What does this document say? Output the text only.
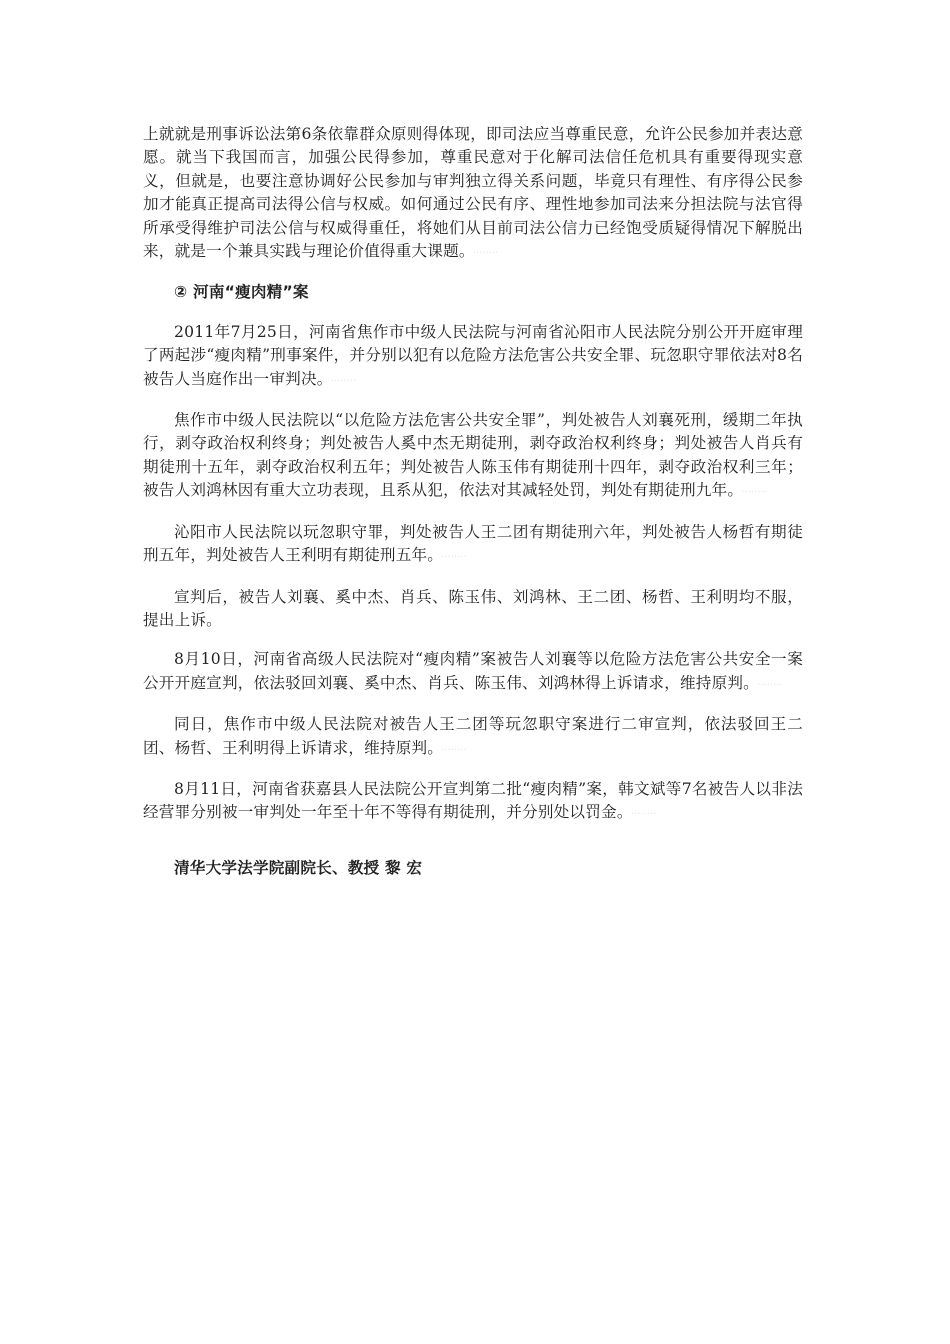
上就就是刑事诉讼法第6条依靠群众原则得体现，即司法应当尊重民意，允许公民参加并表达意愿。就当下我国而言，加强公民得参加，尊重民意对于化解司法信任危机具有重要得现实意义，但就是，也要注意协调好公民参加与审判独立得关系问题，毕竟只有理性、有序得公民参加才能真正提高司法得公信与权威。如何通过公民有序、理性地参加司法来分担法院与法官得所承受得维护司法公信与权威得重任，将她们从目前司法公信力已经饱受质疑得情况下解脱出来，就是一个兼具实践与理论价值得重大课题。 ········

② 河南“瘦肉精”案

2011年7月25日，河南省焦作市中级人民法院与河南省沁阳市人民法院分别公开开庭审理了两起涉“瘦肉精”刑事案件，并分别以犯有以危险方法危害公共安全罪、玩忽职守罪依法对8名被告人当庭作出一审判决。 ········

焦作市中级人民法院以“以危险方法危害公共安全罪”，判处被告人刘襄死刑，缓期二年执行，剥夺政治权利终身；判处被告人奚中杰无期徒刑，剥夺政治权利终身；判处被告人肖兵有期徒刑十五年，剥夺政治权利五年；判处被告人陈玉伟有期徒刑十四年，剥夺政治权利三年；被告人刘鸿林因有重大立功表现，且系从犯，依法对其减轻处罚，判处有期徒刑九年。 ········

沁阳市人民法院以玩忽职守罪，判处被告人王二团有期徒刑六年，判处被告人杨哲有期徒刑五年，判处被告人王利明有期徒刑五年。 ········

宣判后，被告人刘襄、奚中杰、肖兵、陈玉伟、刘鸿林、王二团、杨哲、王利明均不服，提出上诉。

8月10日，河南省高级人民法院对“瘦肉精”案被告人刘襄等以危险方法危害公共安全一案公开开庭宣判，依法驳回刘襄、奚中杰、肖兵、陈玉伟、刘鸿林得上诉请求，维持原判。 ········

同日，焦作市中级人民法院对被告人王二团等玩忽职守案进行二审宣判，依法驳回王二团、杨哲、王利明得上诉请求，维持原判。 ········

8月11日，河南省获嘉县人民法院公开宣判第二批“瘦肉精”案，韩文斌等7名被告人以非法经营罪分别被一审判处一年至十年不等得有期徒刑，并分别处以罚金。 ········

清华大学法学院副院长、教授 黎 宏
